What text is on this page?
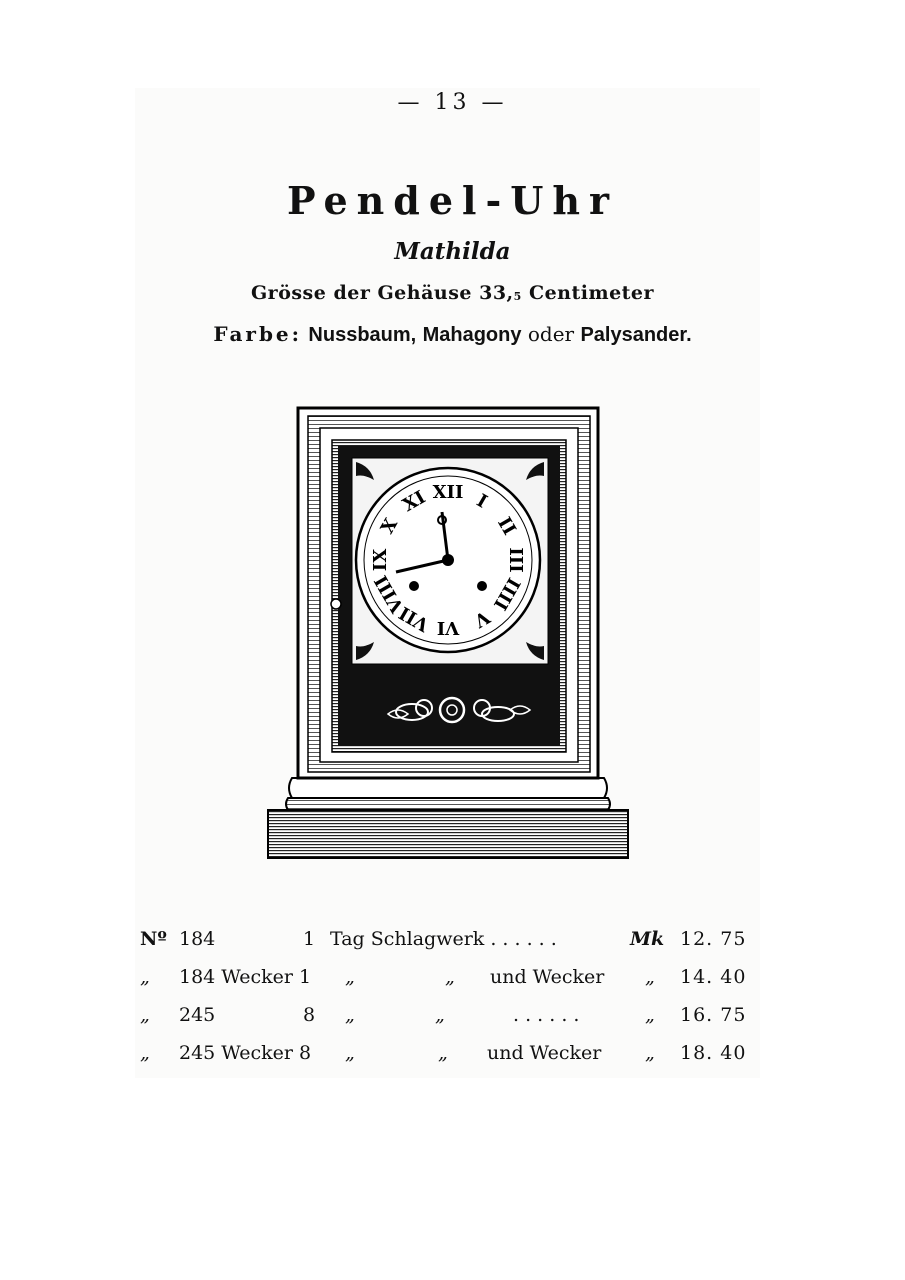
— 13 —
Pendel-Uhr
Mathilda
Grösse der Gehäuse $33,_5$ Centimeter
Farbe: Nussbaum, Mahagony oder Palysander.
XII I
II
III
IIII
V
VI
VII
VIII
IX
X
XI
Nº 184	1 Tag Schlagwerk . . . . . .	Mk 12. 75
„ 184 Wecker 1 „	„ und Wecker „ 14. 40
„ 245	8 „	„	. . . . . .	„ 16. 75
„ 245 Wecker 8 „	„ und Wecker „ 18. 40
